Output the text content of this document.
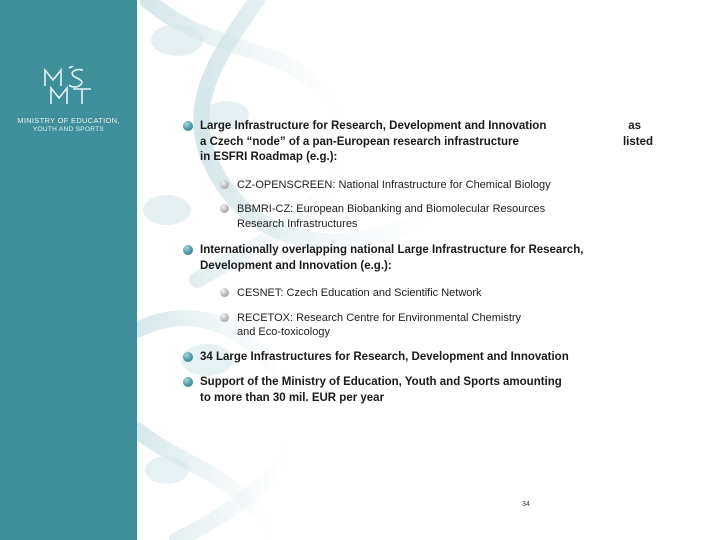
MINISTRY OF EDUCATION,
YOUTH AND SPORTS	Large Infrastructure for Research, Development and Innovation	as
a Czech “node” of a pan-European research infrastructure	listed
in ESFRI Roadmap (e.g.):
CZ-OPENSCREEN: National Infrastructure for Chemical Biology
BBMRI-CZ: European Biobanking and Biomolecular Resources
Research Infrastructures
Internationally overlapping national Large Infrastructure for Research,
Development and Innovation (e.g.):
CESNET: Czech Education and Scientific Network
RECETOX: Research Centre for Environmental Chemistry
and Eco-toxicology
34 Large Infrastructures for Research, Development and Innovation
Support of the Ministry of Education, Youth and Sports amounting
to more than 30 mil. EUR per year
34
